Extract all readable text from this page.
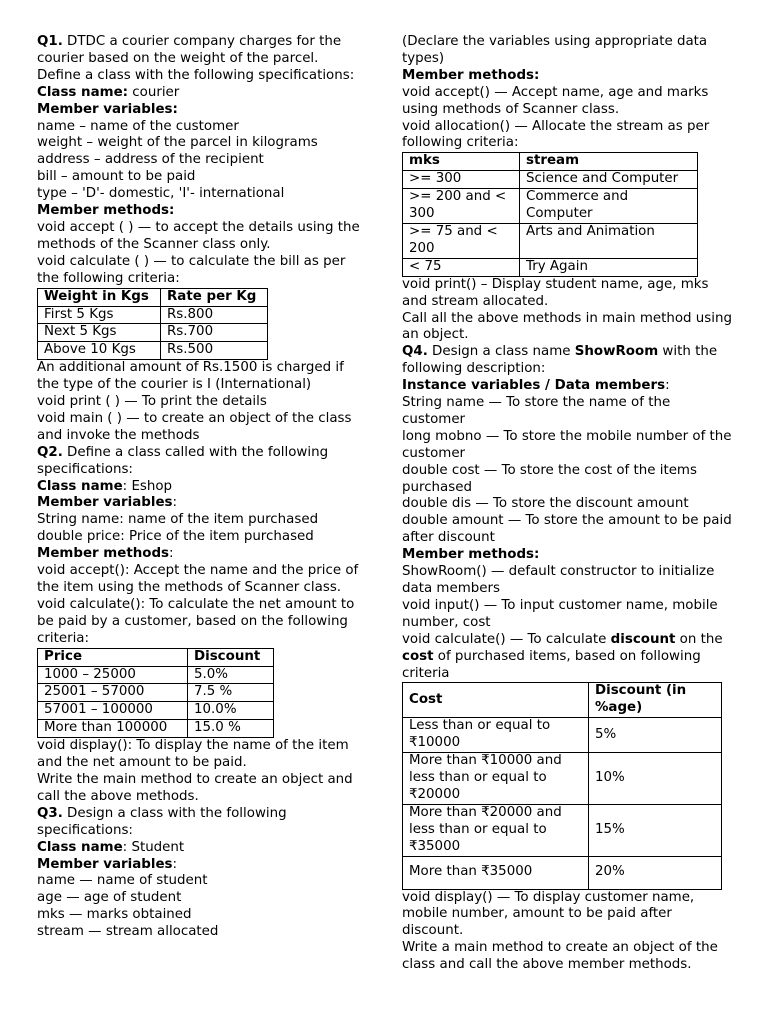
Q1. DTDC a courier company charges for the courier based on the weight of the parcel. Define a class with the following specifications:

Class name: courier

Member variables:

name – name of the customer

weight – weight of the parcel in kilograms

address – address of the recipient

bill – amount to be paid

type – 'D'- domestic, 'I'- international

Member methods:

void accept ( ) — to accept the details using the methods of the Scanner class only.

void calculate ( ) — to calculate the bill as per the following criteria:

Weight in Kgs	Rate per Kg
First 5 Kgs	Rs.800
Next 5 Kgs	Rs.700
Above 10 Kgs	Rs.500

An additional amount of Rs.1500 is charged if the type of the courier is I (International)

void print ( ) — To print the details

void main ( ) — to create an object of the class and invoke the methods

Q2. Define a class called with the following specifications:

Class name: Eshop

Member variables:

String name: name of the item purchased

double price: Price of the item purchased

Member methods:

void accept(): Accept the name and the price of the item using the methods of Scanner class.

void calculate(): To calculate the net amount to be paid by a customer, based on the following criteria:

Price	Discount
1000 – 25000	5.0%
25001 – 57000	7.5 %
57001 – 100000	10.0%
More than 100000	15.0 %

void display(): To display the name of the item and the net amount to be paid.

Write the main method to create an object and call the above methods.

Q3. Design a class with the following specifications:

Class name: Student

Member variables:

name — name of student

age — age of student

mks — marks obtained

stream — stream allocated

(Declare the variables using appropriate data types)

Member methods:

void accept() — Accept name, age and marks using methods of Scanner class.

void allocation() — Allocate the stream as per following criteria:

mks	stream
>= 300	Science and Computer
>= 200 and < 300	Commerce and Computer
>= 75 and < 200	Arts and Animation
< 75	Try Again

void print() – Display student name, age, mks and stream allocated.

Call all the above methods in main method using an object.

Q4. Design a class name ShowRoom with the following description:

Instance variables / Data members:

String name — To store the name of the customer

long mobno — To store the mobile number of the customer

double cost — To store the cost of the items purchased

double dis — To store the discount amount

double amount — To store the amount to be paid after discount

Member methods:

ShowRoom() — default constructor to initialize data members

void input() — To input customer name, mobile number, cost

void calculate() — To calculate discount on the cost of purchased items, based on following criteria

Cost	Discount (in %age)
Less than or equal to ₹10000	5%
More than ₹10000 and less than or equal to ₹20000	10%
More than ₹20000 and less than or equal to ₹35000	15%
More than ₹35000	20%

void display() — To display customer name, mobile number, amount to be paid after discount.

Write a main method to create an object of the class and call the above member methods.
